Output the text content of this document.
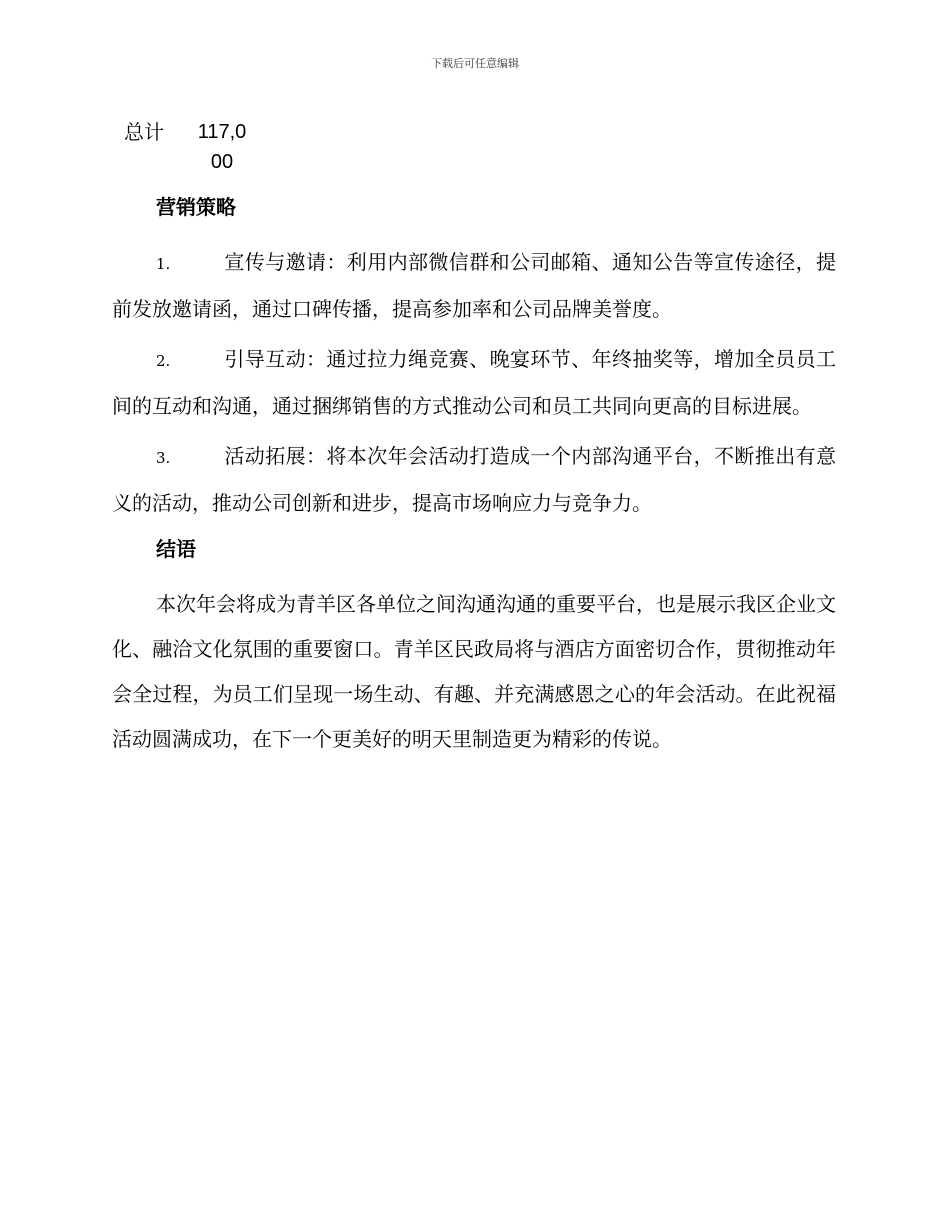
下载后可任意编辑
总计 117,000
营销策略

1.	宣传与邀请：利用内部微信群和公司邮箱、通知公告等宣传途径，提前发放邀请函，通过口碑传播，提高参加率和公司品牌美誉度。

2.	引导互动：通过拉力绳竞赛、晚宴环节、年终抽奖等，增加全员员工间的互动和沟通，通过捆绑销售的方式推动公司和员工共同向更高的目标进展。

3.	活动拓展：将本次年会活动打造成一个内部沟通平台，不断推出有意义的活动，推动公司创新和进步，提高市场响应力与竞争力。

结语

本次年会将成为青羊区各单位之间沟通沟通的重要平台，也是展示我区企业文化、融洽文化氛围的重要窗口。青羊区民政局将与酒店方面密切合作，贯彻推动年会全过程，为员工们呈现一场生动、有趣、并充满感恩之心的年会活动。在此祝福活动圆满成功，在下一个更美好的明天里制造更为精彩的传说。
